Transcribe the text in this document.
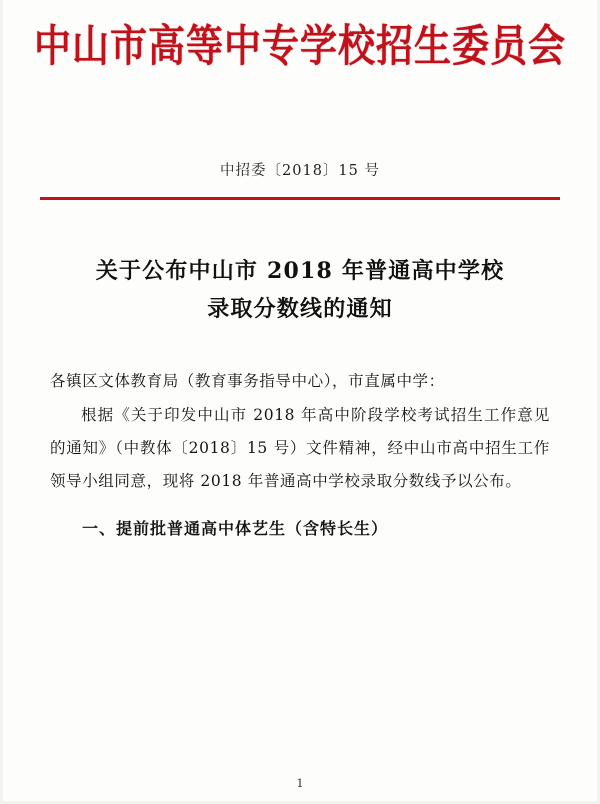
中山市高等中专学校招生委员会
中招委〔2018〕15 号
关于公布中山市 2018 年普通高中学校
录取分数线的通知

各镇区文体教育局（教育事务指导中心），市直属中学：

根据《关于印发中山市 2018 年高中阶段学校考试招生工作意见的通知》（中教体〔2018〕15 号）文件精神，经中山市高中招生工作领导小组同意，现将 2018 年普通高中学校录取分数线予以公布。

一、提前批普通高中体艺生（含特长生）

1
